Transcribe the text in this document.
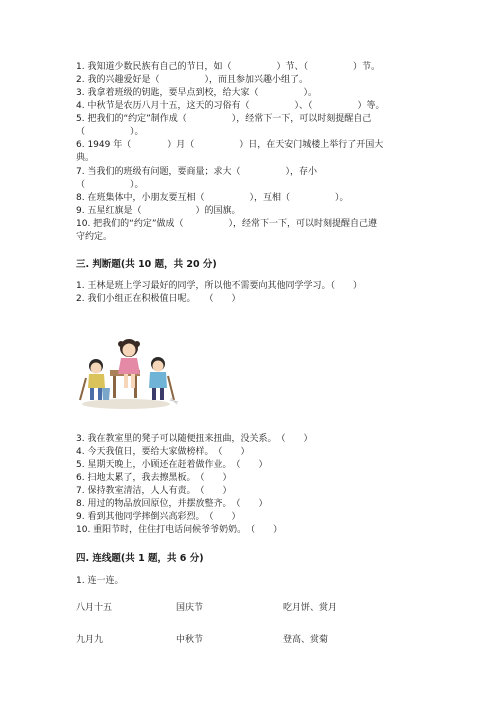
1. 我知道少数民族有自己的节日，如（　　　　　）节、（　　　　　）节。
2. 我的兴趣爱好是（　　　　　），而且参加兴趣小组了。
3. 我拿着班级的钥匙，要早点到校，给大家（　　　　　）。
4. 中秋节是农历八月十五，这天的习俗有（　　　　　）、（　　　　　）等。
5. 把我们的“约定”制作成（　　　　　），经常下一下，可以时刻提醒自己
（　　　　　）。
6. 1949 年（　　　　）月（　　　　　）日，在天安门城楼上举行了开国大
典。
7. 当我们的班级有问题，要商量；求大（　　　　　），存小
（　　　　　）。
8. 在班集体中，小朋友要互相（　　　　　），互相（　　　　　）。
9. 五星红旗是（　　　　　　）的国旗。
10. 把我们的“约定”做成（　　　　　），经常下一下，可以时刻提醒自己遵
守约定。
三. 判断题(共 10 题，共 20 分)
1. 王林是班上学习最好的同学，所以他不需要向其他同学学习。（　　）
2. 我们小组正在积极值日呢。　　（　　）
3. 我在教室里的凳子可以随便扭来扭曲，没关系。　（　　）
4. 今天我值日，要给大家做榜样。　（　　）
5. 星期天晚上，小顾还在赶着做作业。　（　　）
6. 扫地太累了，我去擦黑板。　（　　）
7. 保持教室清洁，人人有责。　（　　）
8. 用过的物品放回原位，并摆放整齐。　（　　）
9. 看到其他同学摔倒兴高彩烈。　（　　）
10. 重阳节时，住住打电话问候爷爷奶奶。　（　　）
四. 连线题(共 1 题，共 6 分)
1. 连一连。
八月十五	国庆节	吃月饼、赏月
九月九	中秋节	登高、赏菊
